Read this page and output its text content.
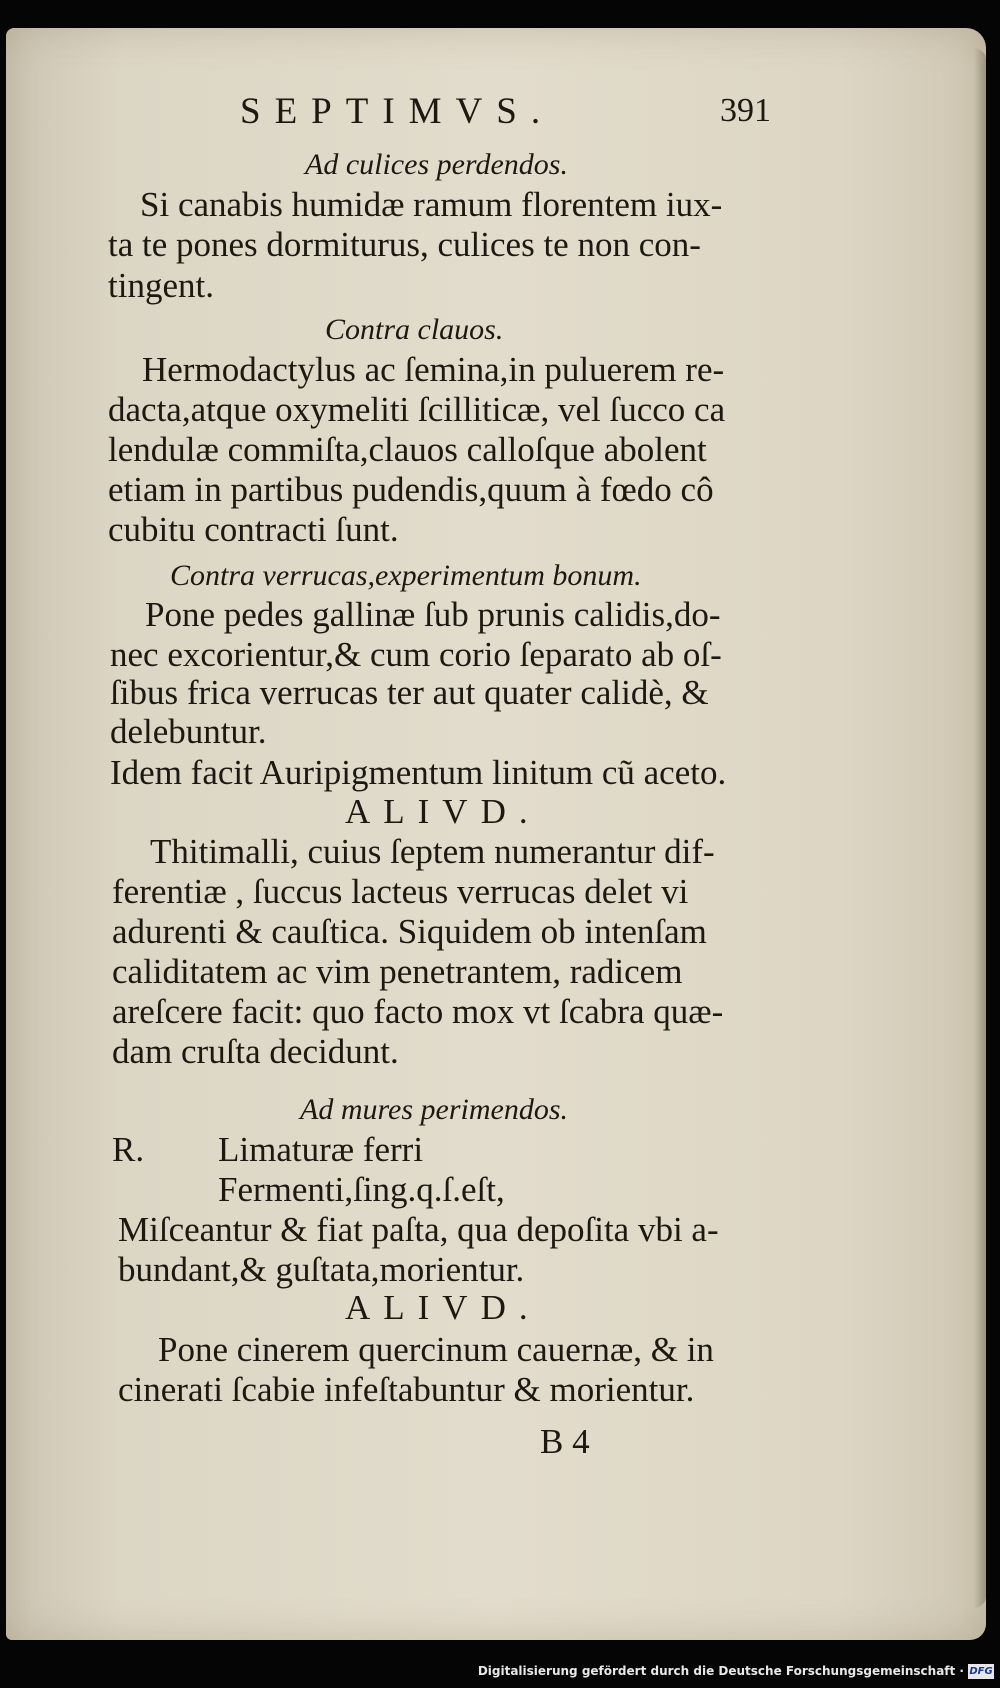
SEPTIMVS.	391
Ad culices perdendos.
Si canabis humidæ ramum florentem iux-
ta te pones dormiturus, culices te non con-
tingent.
Contra clauos.
Hermodactylus ac ſemina,in puluerem re-
dacta,atque oxymeliti ſcilliticæ, vel ſucco ca
lendulæ commiſta,clauos calloſque abolent
etiam in partibus pudendis,quum à fœdo cô
cubitu contracti ſunt.
Contra verrucas,experimentum bonum.
Pone pedes gallinæ ſub prunis calidis,do-
nec excorientur,& cum corio ſeparato ab oſ-
ſibus frica verrucas ter aut quater calidè, &
delebuntur.
Idem facit Auripigmentum linitum cũ aceto.
ALIVD.
Thitimalli, cuius ſeptem numerantur dif-
ferentiæ , ſuccus lacteus verrucas delet vi
adurenti & cauſtica. Siquidem ob intenſam
caliditatem ac vim penetrantem, radicem
areſcere facit: quo facto mox vt ſcabra quæ-
dam cruſta decidunt.
Ad mures perimendos.
R. Limaturæ ferri
Fermenti,ſing.q.ſ.eſt,
Miſceantur & fiat paſta, qua depoſita vbi a-
bundant,& guſtata,morientur.
ALIVD.
Pone cinerem quercinum cauernæ, & in
cinerati ſcabie infeſtabuntur & morientur.
B 4
Digitalisierung gefördert durch die Deutsche Forschungsgemeinschaft · DFG
